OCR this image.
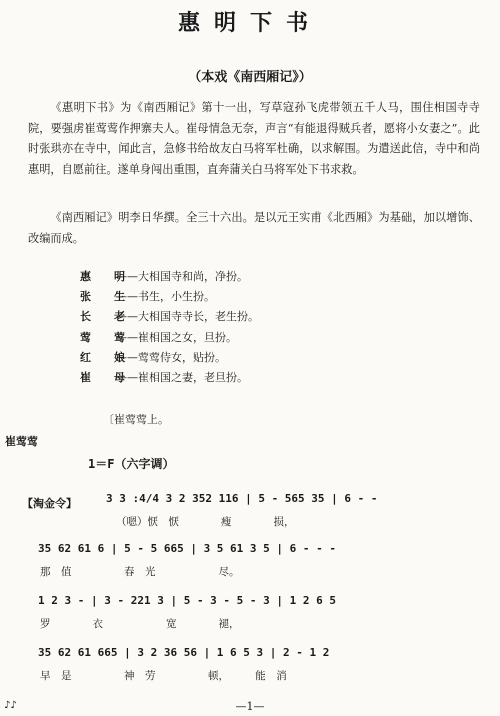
惠明下书
（本戏《南西厢记》）
《惠明下书》为《南西厢记》第十一出，写草寇孙飞虎带领五千人马，围住相国寺寺院，要强虏崔莺莺作押寨夫人。崔母情急无奈，声言“有能退得贼兵者，愿将小女妻之”。此时张珙亦在寺中，闻此言，急修书给故友白马将军杜确，以求解围。为遣送此信，寺中和尚惠明，自愿前往。遂单身闯出重围，直奔蒲关白马将军处下书求救。
《南西厢记》明李日华撰。全三十六出。是以元王实甫《北西厢》为基础，加以增饰、改编而成。
惠　明——大相国寺和尚，净扮。
张　生——书生，小生扮。
长　老——大相国寺寺长，老生扮。
莺　莺——崔相国之女，旦扮。
红　娘——莺莺侍女，贴扮。
崔　母——崔相国之妻，老旦扮。
〔崔莺莺上。
崔莺莺
1＝F（六字调）
【淘金令】	3 3 :4/4 3 2 352 116 | 5 - 565 35 | 6 - -
（嗯）恹　恹　　　　瘦　　　　损，
35 62 61 6 | 5 - 5 665 | 3 5 61 3 5 | 6 - - -
那　值　　　　　春　光　　　　　　尽。
1 2 3 - | 3 - 221 3 | 5 - 3 - 5 - 3 | 1 2 6 5
罗　　　　衣　　　　　　宽　　　　褪，
35 62 61 665 | 3 2 36 56 | 1 6 5 3 | 2 - 1 2
早　是　　　　　神　劳　　　　　顿，　　　能　消
♪♪	—1—
